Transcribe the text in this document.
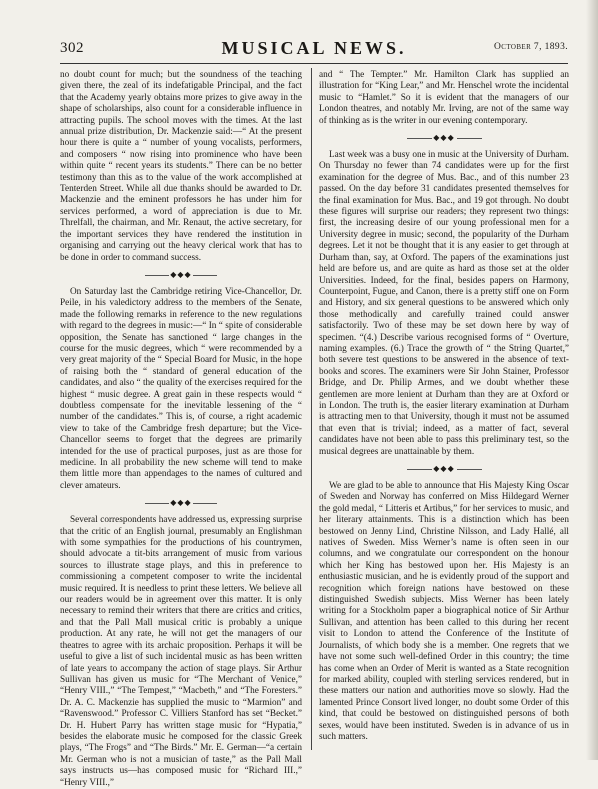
302	MUSICAL NEWS.	October 7, 1893.

no doubt count for much; but the soundness of the teaching given there, the zeal of its indefatigable Principal, and the fact that the Academy yearly obtains more prizes to give away in the shape of scholarships, also count for a considerable influence in attracting pupils. The school moves with the times. At the last annual prize distribution, Dr. Mackenzie said:—“ At the present hour there is quite a “ number of young vocalists, performers, and composers “ now rising into prominence who have been within quite “ recent years its students.” There can be no better testimony than this as to the value of the work accomplished at Tenterden Street. While all due thanks should be awarded to Dr. Mackenzie and the eminent professors he has under him for services performed, a word of appreciation is due to Mr. Threlfall, the chairman, and Mr. Renaut, the active secretary, for the important services they have rendered the institution in organising and carrying out the heavy clerical work that has to be done in order to command success.

◆◆◆

On Saturday last the Cambridge retiring Vice-Chancellor, Dr. Peile, in his valedictory address to the members of the Senate, made the following remarks in reference to the new regulations with regard to the degrees in music:—“ In “ spite of considerable opposition, the Senate has sanctioned “ large changes in the course for the music degrees, which “ were recommended by a very great majority of the “ Special Board for Music, in the hope of raising both the “ standard of general education of the candidates, and also “ the quality of the exercises required for the highest “ music degree. A great gain in these respects would “ doubtless compensate for the inevitable lessening of the “ number of the candidates.” This is, of course, a right academic view to take of the Cambridge fresh departure; but the Vice-Chancellor seems to forget that the degrees are primarily intended for the use of practical purposes, just as are those for medicine. In all probability the new scheme will tend to make them little more than appendages to the names of cultured and clever amateurs.

◆◆◆

Several correspondents have addressed us, expressing surprise that the critic of an English journal, presumably an Englishman with some sympathies for the productions of his countrymen, should advocate a tit-bits arrangement of music from various sources to illustrate stage plays, and this in preference to commissioning a competent composer to write the incidental music required. It is needless to print these letters. We believe all our readers would be in agreement over this matter. It is only necessary to remind their writers that there are critics and critics, and that the Pall Mall musical critic is probably a unique production. At any rate, he will not get the managers of our theatres to agree with its archaic proposition. Perhaps it will be useful to give a list of such incidental music as has been written of late years to accompany the action of stage plays. Sir Arthur Sullivan has given us music for “The Merchant of Venice,” “Henry VIII.,” “The Tempest,” “Macbeth,” and “The Foresters.” Dr. A. C. Mackenzie has supplied the music to “Marmion” and “Ravenswood.” Professor C. Villiers Stanford has set “Becket.” Dr. H. Hubert Parry has written stage music for “Hypatia,” besides the elaborate music he composed for the classic Greek plays, “The Frogs” and “The Birds.” Mr. E. German—“a certain Mr. German who is not a musician of taste,” as the Pall Mall says instructs us—has composed music for “Richard III.,” “Henry VIII.,”

and “ The Tempter.” Mr. Hamilton Clark has supplied an illustration for “King Lear,” and Mr. Henschel wrote the incidental music to “Hamlet.” So it is evident that the managers of our London theatres, and notably Mr. Irving, are not of the same way of thinking as is the writer in our evening contemporary.

◆◆◆

Last week was a busy one in music at the University of Durham. On Thursday no fewer than 74 candidates were up for the first examination for the degree of Mus. Bac., and of this number 23 passed. On the day before 31 candidates presented themselves for the final examination for Mus. Bac., and 19 got through. No doubt these figures will surprise our readers; they represent two things: first, the increasing desire of our young professional men for a University degree in music; second, the popularity of the Durham degrees. Let it not be thought that it is any easier to get through at Durham than, say, at Oxford. The papers of the examinations just held are before us, and are quite as hard as those set at the older Universities. Indeed, for the final, besides papers on Harmony, Counterpoint, Fugue, and Canon, there is a pretty stiff one on Form and History, and six general questions to be answered which only those methodically and carefully trained could answer satisfactorily. Two of these may be set down here by way of specimen. “(4.) Describe various recognised forms of “ Overture, naming examples. (6.) Trace the growth of “ the String Quartet,” both severe test questions to be answered in the absence of text-books and scores. The examiners were Sir John Stainer, Professor Bridge, and Dr. Philip Armes, and we doubt whether these gentlemen are more lenient at Durham than they are at Oxford or in London. The truth is, the easier literary examination at Durham is attracting men to that University, though it must not be assumed that even that is trivial; indeed, as a matter of fact, several candidates have not been able to pass this preliminary test, so the musical degrees are unattainable by them.

◆◆◆

We are glad to be able to announce that His Majesty King Oscar of Sweden and Norway has conferred on Miss Hildegard Werner the gold medal, “ Litteris et Artibus,” for her services to music, and her literary attainments. This is a distinction which has been bestowed on Jenny Lind, Christine Nilsson, and Lady Hallé, all natives of Sweden. Miss Werner’s name is often seen in our columns, and we congratulate our correspondent on the honour which her King has bestowed upon her. His Majesty is an enthusiastic musician, and he is evidently proud of the support and recognition which foreign nations have bestowed on these distinguished Swedish subjects. Miss Werner has been lately writing for a Stockholm paper a biographical notice of Sir Arthur Sullivan, and attention has been called to this during her recent visit to London to attend the Conference of the Institute of Journalists, of which body she is a member. One regrets that we have not some such well-defined Order in this country; the time has come when an Order of Merit is wanted as a State recognition for marked ability, coupled with sterling services rendered, but in these matters our nation and authorities move so slowly. Had the lamented Prince Consort lived longer, no doubt some Order of this kind, that could be bestowed on distinguished persons of both sexes, would have been instituted. Sweden is in advance of us in such matters.
